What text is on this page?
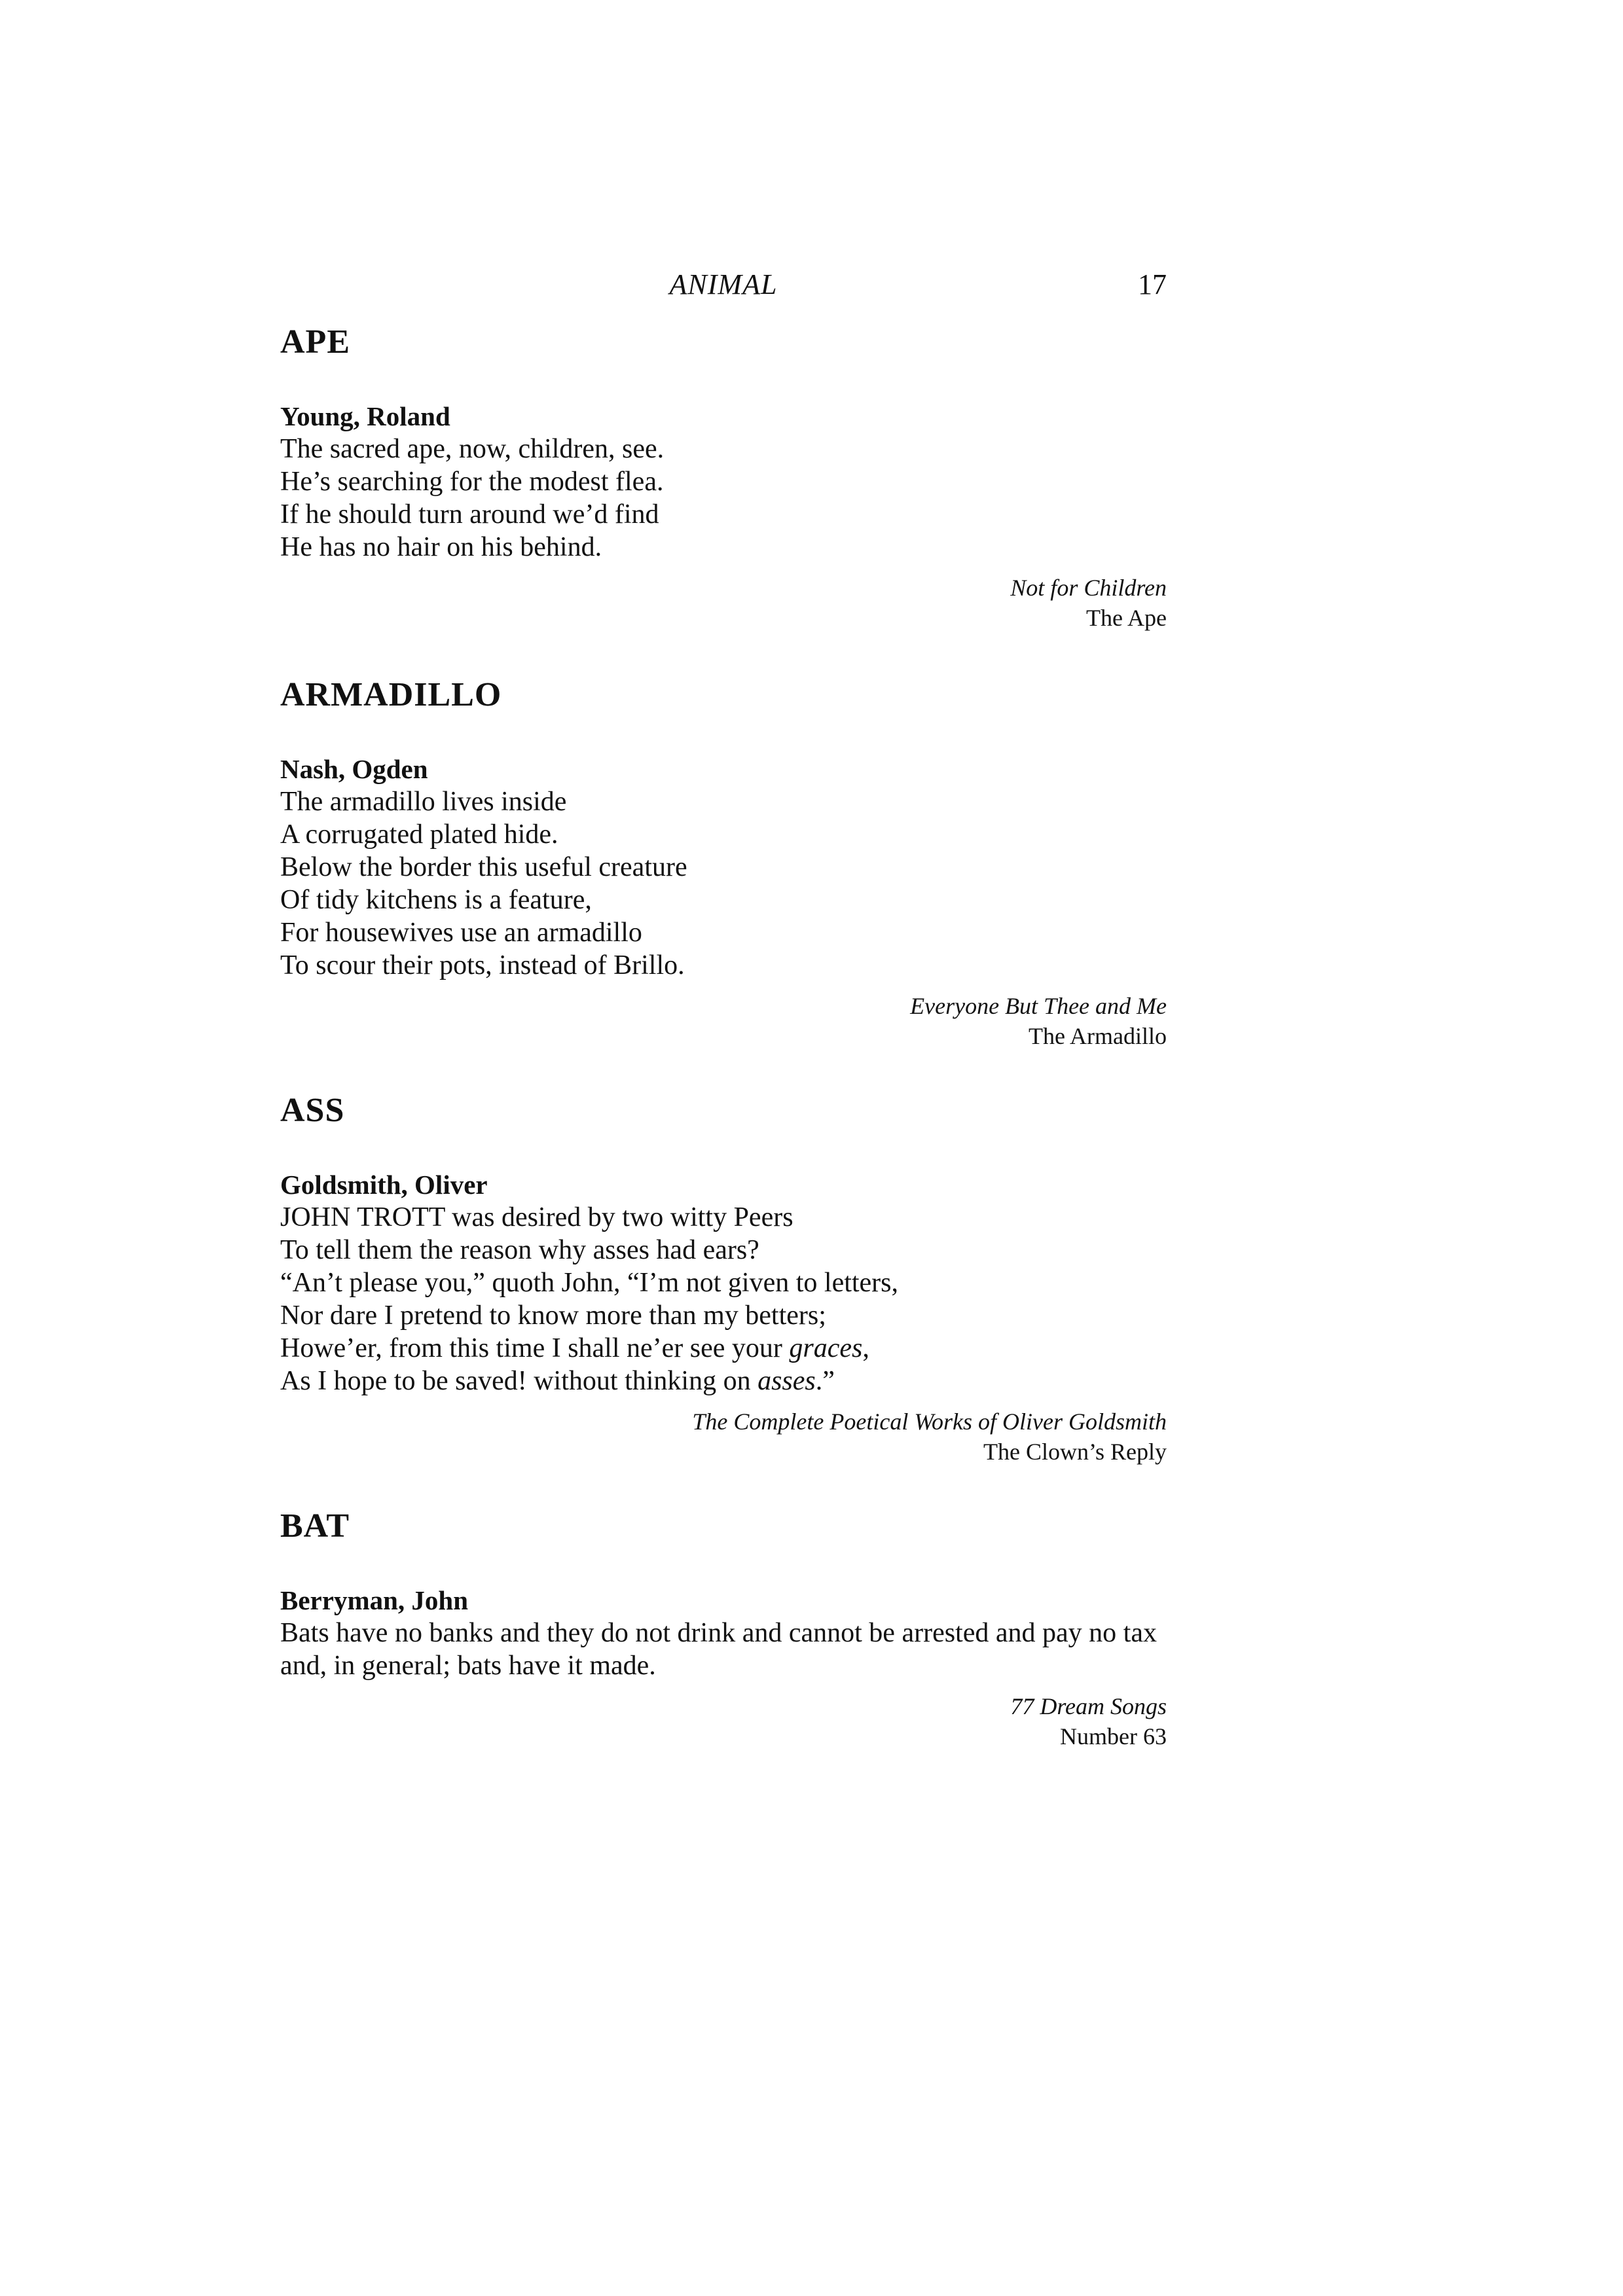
ANIMAL	17
APE
Young, Roland
The sacred ape, now, children, see.
He’s searching for the modest flea.
If he should turn around we’d find
He has no hair on his behind.
Not for Children
The Ape
ARMADILLO
Nash, Ogden
The armadillo lives inside
A corrugated plated hide.
Below the border this useful creature
Of tidy kitchens is a feature,
For housewives use an armadillo
To scour their pots, instead of Brillo.
Everyone But Thee and Me
The Armadillo
ASS
Goldsmith, Oliver
JOHN TROTT was desired by two witty Peers
To tell them the reason why asses had ears?
“An’t please you,” quoth John, “I’m not given to letters,
Nor dare I pretend to know more than my betters;
Howe’er, from this time I shall ne’er see your graces,
As I hope to be saved! without thinking on asses.”
The Complete Poetical Works of Oliver Goldsmith
The Clown’s Reply
BAT
Berryman, John
Bats have no banks and they do not drink and cannot be arrested and pay no tax and, in general; bats have it made.
77 Dream Songs
Number 63
